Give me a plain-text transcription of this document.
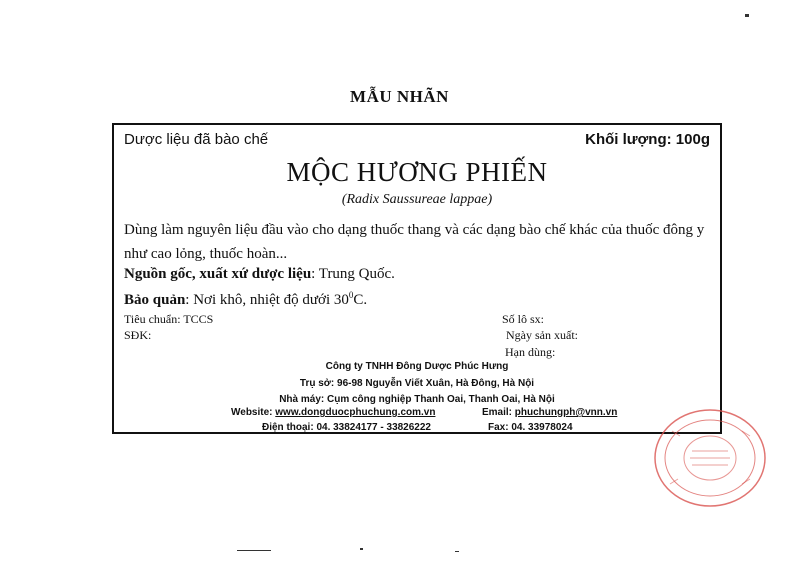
MẪU NHÃN
Dược liệu đã bào chế	Khối lượng: 100g
MỘC HƯƠNG PHIẾN
(Radix Saussureae lappae)
Dùng làm nguyên liệu đầu vào cho dạng thuốc thang và các dạng bào chế khác của thuốc đông y như cao lỏng, thuốc hoàn...
Nguồn gốc, xuất xứ dược liệu: Trung Quốc.
Bảo quản: Nơi khô, nhiệt độ dưới $30^0C$.
Tiêu chuẩn: TCCS
SĐK:
Số lô sx:
Ngày sản xuất:
Hạn dùng:
Công ty TNHH Đông Dược Phúc Hưng
Trụ sở: 96-98 Nguyễn Viết Xuân, Hà Đông, Hà Nội
Nhà máy: Cụm công nghiệp Thanh Oai, Thanh Oai, Hà Nội
Website: www.dongduocphuchung.com.vn	Email: phuchungph@vnn.vn
Điện thoại: 04. 33824177 - 33826222	Fax: 04. 33978024
